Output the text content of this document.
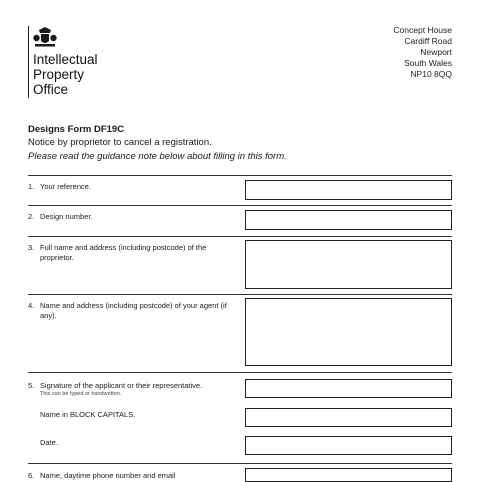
Intellectual
Property
Office
Concept House
Cardiff Road
Newport
South Wales
NP10 8QQ
Designs Form DF19C
Notice by proprietor to cancel a registration.
Please read the guidance note below about filling in this form.
1. Your reference.
2. Design number.
3. Full name and address (including postcode) of the proprietor.
4. Name and address (including postcode) of your agent (if any).
5. Signature of the applicant or their representative.
This can be typed or handwritten.
Name in BLOCK CAPITALS.
Date.
6. Name, daytime phone number and email
